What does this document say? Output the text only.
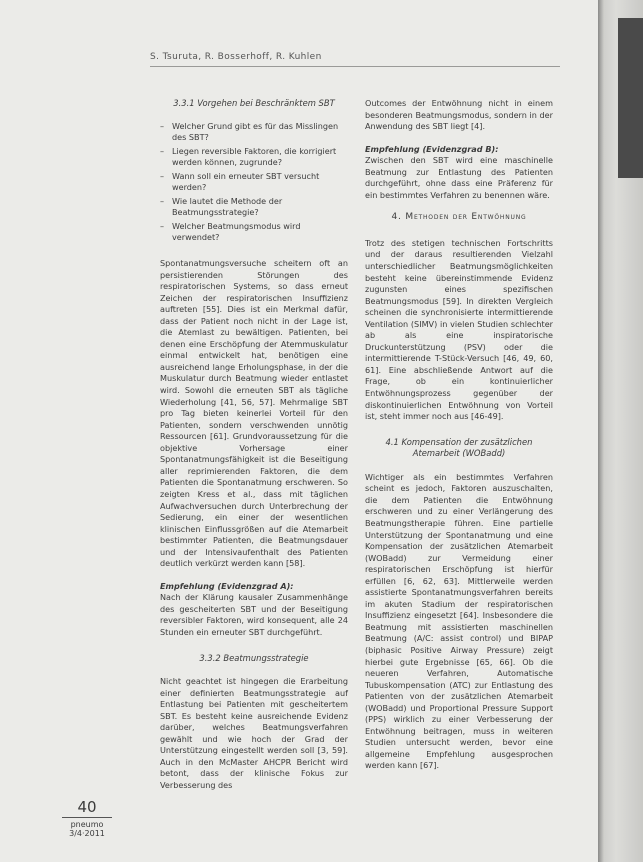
S. Tsuruta, R. Bosserhoff, R. Kuhlen
3.3.1 Vorgehen bei Beschränktem SBT
– Welcher Grund gibt es für das Misslingen des SBT?
– Liegen reversible Faktoren, die korrigiert werden können, zugrunde?
– Wann soll ein erneuter SBT versucht werden?
– Wie lautet die Methode der Beatmungsstrategie?
– Welcher Beatmungsmodus wird verwendet?

Spontanatmungsversuche scheitern oft an persistierenden Störungen des respiratorischen Systems, so dass erneut Zeichen der respiratorischen Insuffizienz auftreten [55]. Dies ist ein Merkmal dafür, dass der Patient noch nicht in der Lage ist, die Atemlast zu bewältigen. Patienten, bei denen eine Erschöpfung der Atemmuskulatur einmal entwickelt hat, benötigen eine ausreichend lange Erholungsphase, in der die Muskulatur durch Beatmung wieder entlastet wird. Sowohl die erneuten SBT als tägliche Wiederholung [41, 56, 57]. Mehrmalige SBT pro Tag bieten keinerlei Vorteil für den Patienten, sondern verschwenden unnötig Ressourcen [61]. Grundvoraussetzung für die objektive Vorhersage einer Spontanatmungsfähigkeit ist die Beseitigung aller reprimierenden Faktoren, die dem Patienten die Spontanatmung erschweren. So zeigten Kress et al., dass mit täglichen Aufwachversuchen durch Unterbrechung der Sedierung, ein einer der wesentlichen klinischen Einflussgrößen auf die Atemarbeit bestimmter Patienten, die Beatmungsdauer und der Intensivaufenthalt des Patienten deutlich verkürzt werden kann [58].

Empfehlung (Evidenzgrad A):

Nach der Klärung kausaler Zusammenhänge des gescheiterten SBT und der Beseitigung reversibler Faktoren, wird konsequent, alle 24 Stunden ein erneuter SBT durchgeführt.

3.3.2 Beatmungsstrategie

Nicht geachtet ist hingegen die Erarbeitung einer definierten Beatmungsstrategie auf Entlastung bei Patienten mit gescheitertem SBT. Es besteht keine ausreichende Evidenz darüber, welches Beatmungsverfahren gewählt und wie hoch der Grad der Unterstützung eingestellt werden soll [3, 59]. Auch in den McMaster AHCPR Bericht wird betont, dass der klinische Fokus zur Verbesserung des

Outcomes der Entwöhnung nicht in einem besonderen Beatmungsmodus, sondern in der Anwendung des SBT liegt [4].

Empfehlung (Evidenzgrad B):

Zwischen den SBT wird eine maschinelle Beatmung zur Entlastung des Patienten durchgeführt, ohne dass eine Präferenz für ein bestimmtes Verfahren zu benennen wäre.

4. Methoden der Entwöhnung

Trotz des stetigen technischen Fortschritts und der daraus resultierenden Vielzahl unterschiedlicher Beatmungsmöglichkeiten besteht keine übereinstimmende Evidenz zugunsten eines spezifischen Beatmungsmodus [59]. In direkten Vergleich scheinen die synchronisierte intermittierende Ventilation (SIMV) in vielen Studien schlechter ab als eine inspiratorische Druckunterstützung (PSV) oder die intermittierende T-Stück-Versuch [46, 49, 60, 61]. Eine abschließende Antwort auf die Frage, ob ein kontinuierlicher Entwöhnungsprozess gegenüber der diskontinuierlichen Entwöhnung von Vorteil ist, steht immer noch aus [46-49].

4.1 Kompensation der zusätzlichen Atemarbeit (WOBadd)

Wichtiger als ein bestimmtes Verfahren scheint es jedoch, Faktoren auszuschalten, die dem Patienten die Entwöhnung erschweren und zu einer Verlängerung des Beatmungstherapie führen. Eine partielle Unterstützung der Spontanatmung und eine Kompensation der zusätzlichen Atemarbeit (WOBadd) zur Vermeidung einer respiratorischen Erschöpfung ist hierfür erfüllen [6, 62, 63]. Mittlerweile werden assistierte Spontanatmungsverfahren bereits im akuten Stadium der respiratorischen Insuffizienz eingesetzt [64]. Insbesondere die Beatmung mit assistierten maschinellen Beatmung (A/C: assist control) und BIPAP (biphasic Positive Airway Pressure) zeigt hierbei gute Ergebnisse [65, 66]. Ob die neueren Verfahren, Automatische Tubuskompensation (ATC) zur Entlastung des Patienten von der zusätzlichen Atemarbeit (WOBadd) und Proportional Pressure Support (PPS) wirklich zu einer Verbesserung der Entwöhnung beitragen, muss in weiteren Studien untersucht werden, bevor eine allgemeine Empfehlung ausgesprochen werden kann [67].

40
pneumo
3/4·2011
